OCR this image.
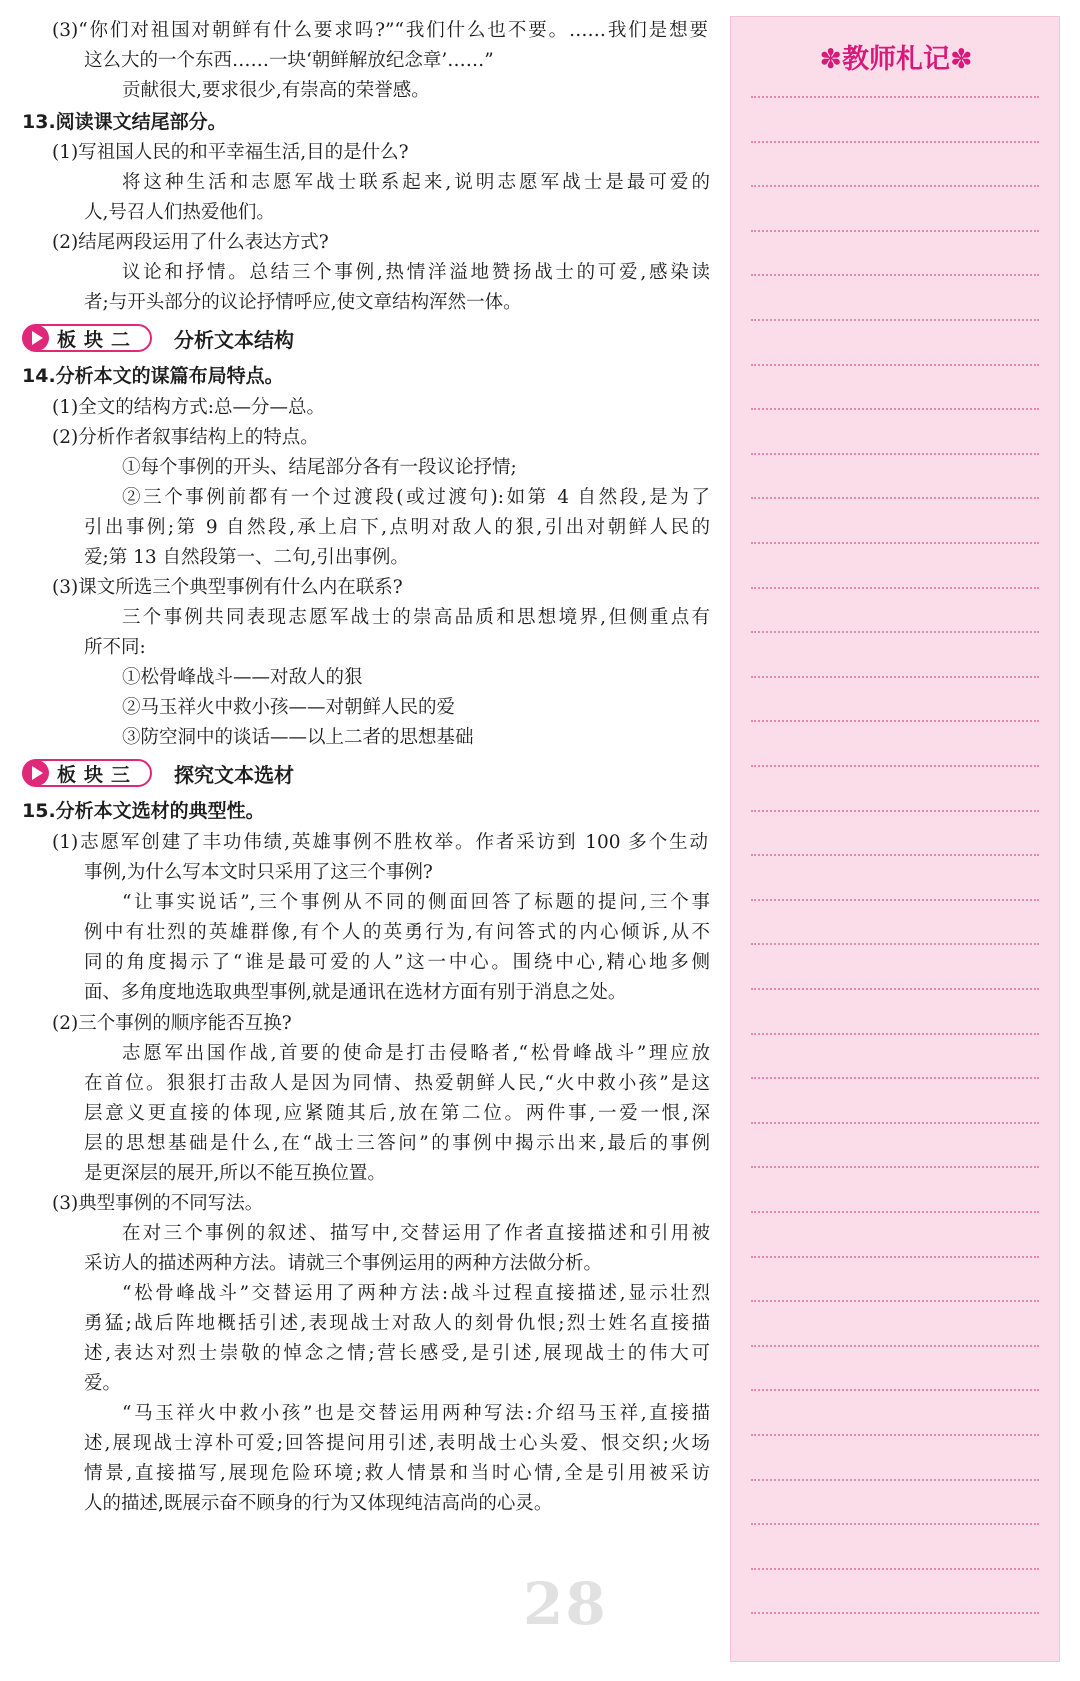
(3)“你们对祖国对朝鲜有什么要求吗?”“我们什么也不要。……我们是想要
这么大的一个东西……一块‘朝鲜解放纪念章’……”
贡献很大,要求很少,有崇高的荣誉感。
13.阅读课文结尾部分。
(1)写祖国人民的和平幸福生活,目的是什么?
将这种生活和志愿军战士联系起来,说明志愿军战士是最可爱的
人,号召人们热爱他们。
(2)结尾两段运用了什么表达方式?
议论和抒情。总结三个事例,热情洋溢地赞扬战士的可爱,感染读
者;与开头部分的议论抒情呼应,使文章结构浑然一体。
板块二 分析文本结构
14.分析本文的谋篇布局特点。
(1)全文的结构方式:总—分—总。
(2)分析作者叙事结构上的特点。
①每个事例的开头、结尾部分各有一段议论抒情;
②三个事例前都有一个过渡段(或过渡句):如第 4 自然段,是为了
引出事例;第 9 自然段,承上启下,点明对敌人的狠,引出对朝鲜人民的
爱;第 13 自然段第一、二句,引出事例。
(3)课文所选三个典型事例有什么内在联系?
三个事例共同表现志愿军战士的崇高品质和思想境界,但侧重点有
所不同:
①松骨峰战斗——对敌人的狠
②马玉祥火中救小孩——对朝鲜人民的爱
③防空洞中的谈话——以上二者的思想基础
板块三 探究文本选材
15.分析本文选材的典型性。
(1)志愿军创建了丰功伟绩,英雄事例不胜枚举。作者采访到 100 多个生动
事例,为什么写本文时只采用了这三个事例?
“让事实说话”,三个事例从不同的侧面回答了标题的提问,三个事
例中有壮烈的英雄群像,有个人的英勇行为,有问答式的内心倾诉,从不
同的角度揭示了“谁是最可爱的人”这一中心。围绕中心,精心地多侧
面、多角度地选取典型事例,就是通讯在选材方面有别于消息之处。
(2)三个事例的顺序能否互换?
志愿军出国作战,首要的使命是打击侵略者,“松骨峰战斗”理应放
在首位。狠狠打击敌人是因为同情、热爱朝鲜人民,“火中救小孩”是这
层意义更直接的体现,应紧随其后,放在第二位。两件事,一爱一恨,深
层的思想基础是什么,在“战士三答问”的事例中揭示出来,最后的事例
是更深层的展开,所以不能互换位置。
(3)典型事例的不同写法。
在对三个事例的叙述、描写中,交替运用了作者直接描述和引用被
采访人的描述两种方法。请就三个事例运用的两种方法做分析。
“松骨峰战斗”交替运用了两种方法:战斗过程直接描述,显示壮烈
勇猛;战后阵地概括引述,表现战士对敌人的刻骨仇恨;烈士姓名直接描
述,表达对烈士崇敬的悼念之情;营长感受,是引述,展现战士的伟大可
爱。
“马玉祥火中救小孩”也是交替运用两种写法:介绍马玉祥,直接描
述,展现战士淳朴可爱;回答提问用引述,表明战士心头爱、恨交织;火场
情景,直接描写,展现危险环境;救人情景和当时心情,全是引用被采访
人的描述,既展示奋不顾身的行为又体现纯洁高尚的心灵。
28
✽教师札记✽
